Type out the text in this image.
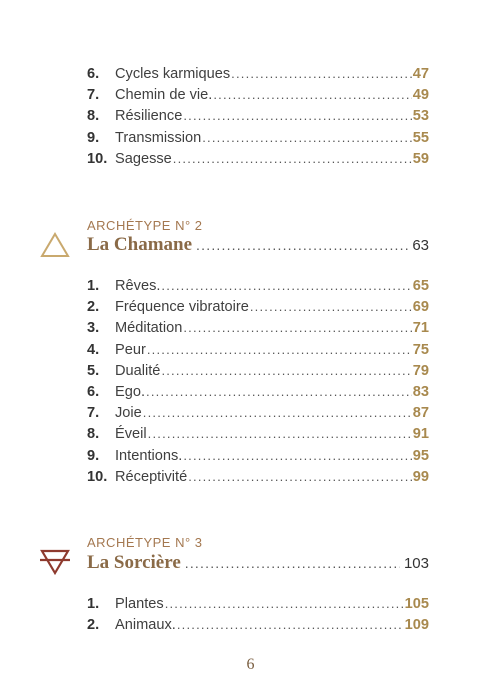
6.	Cycles karmiques .....	47
7.	Chemin de vie. .....	49
8.	Résilience .....	53
9.	Transmission .....	55
10. Sagesse .....	59
ARCHÉTYPE N° 2
La Chamane .....	63
1.	Rêves. .....	65
2.	Fréquence vibratoire .....	69
3.	Méditation .....	71
4.	Peur .....	75
5.	Dualité .....	79
6.	Ego. .....	83
7.	Joie .....	87
8.	Éveil .....	91
9.	Intentions. .....	95
10. Réceptivité .....	99
ARCHÉTYPE N° 3
La Sorcière .....	103
1.	Plantes .....	105
2.	Animaux. .....	109
6
